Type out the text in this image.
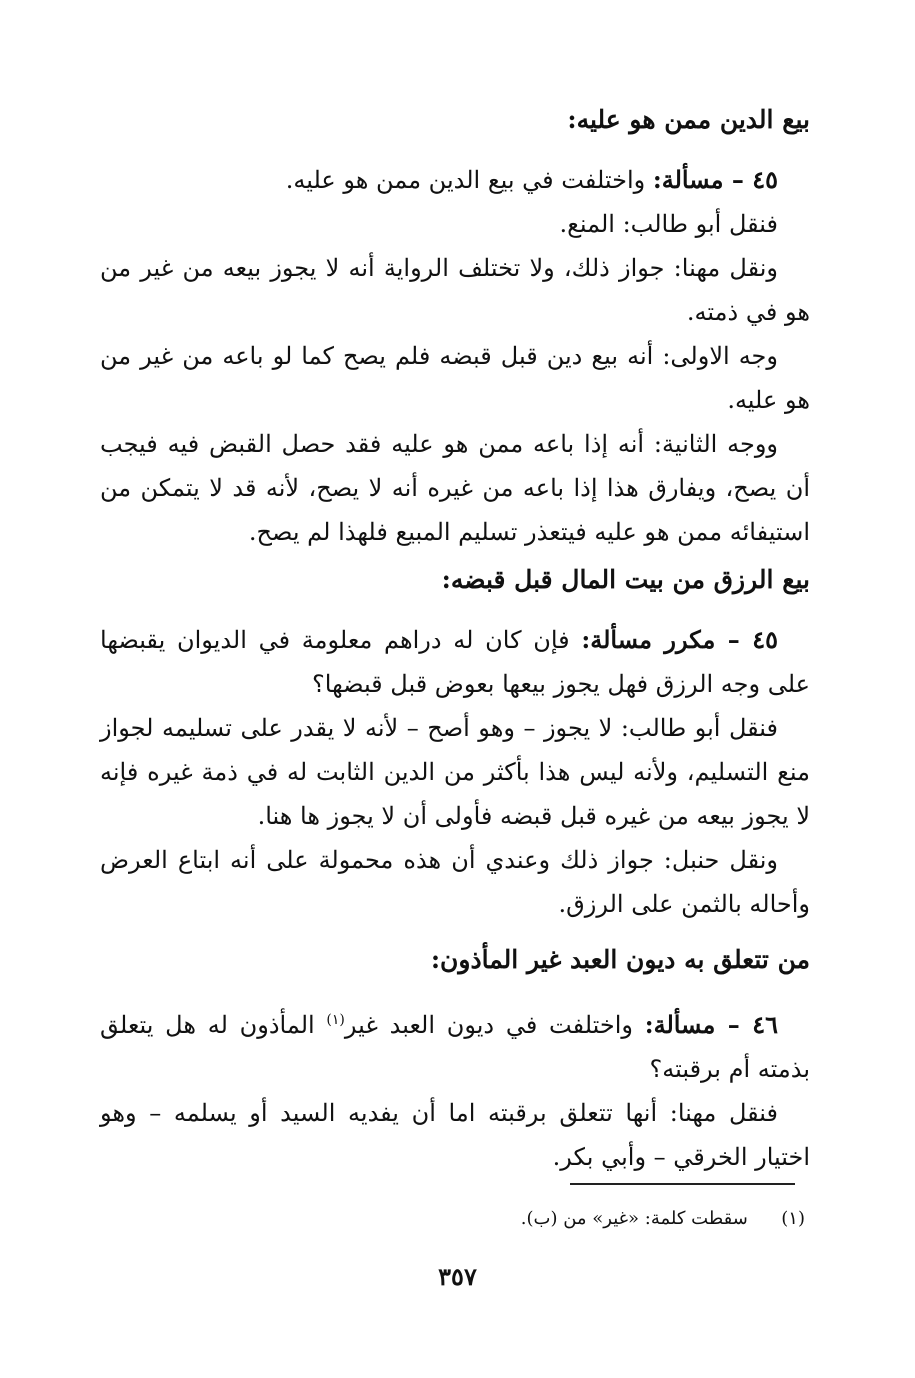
بيع الدين ممن هو عليه:

٤٥ – مسألة: واختلفت في بيع الدين ممن هو عليه.

فنقل أبو طالب: المنع.

ونقل مهنا: جواز ذلك، ولا تختلف الرواية أنه لا يجوز بيعه من غير من هو في ذمته.

وجه الاولى: أنه بيع دين قبل قبضه فلم يصح كما لو باعه من غير من هو عليه.

ووجه الثانية: أنه إذا باعه ممن هو عليه فقد حصل القبض فيه فيجب أن يصح، ويفارق هذا إذا باعه من غيره أنه لا يصح، لأنه قد لا يتمكن من استيفائه ممن هو عليه فيتعذر تسليم المبيع فلهذا لم يصح.

بيع الرزق من بيت المال قبل قبضه:

٤٥ – مكرر مسألة: فإن كان له دراهم معلومة في الديوان يقبضها على وجه الرزق فهل يجوز بيعها بعوض قبل قبضها؟

فنقل أبو طالب: لا يجوز – وهو أصح – لأنه لا يقدر على تسليمه لجواز منع التسليم، ولأنه ليس هذا بأكثر من الدين الثابت له في ذمة غيره فإنه لا يجوز بيعه من غيره قبل قبضه فأولى أن لا يجوز ها هنا.

ونقل حنبل: جواز ذلك وعندي أن هذه محمولة على أنه ابتاع العرض وأحاله بالثمن على الرزق.

من تتعلق به ديون العبد غير المأذون:

٤٦ – مسألة: واختلفت في ديون العبد غير$^{(١)}$ المأذون له هل يتعلق بذمته أم برقبته؟

فنقل مهنا: أنها تتعلق برقبته اما أن يفديه السيد أو يسلمه – وهو اختيار الخرقي – وأبي بكر.

(١)  سقطت كلمة: «غير» من (ب).
٣٥٧
